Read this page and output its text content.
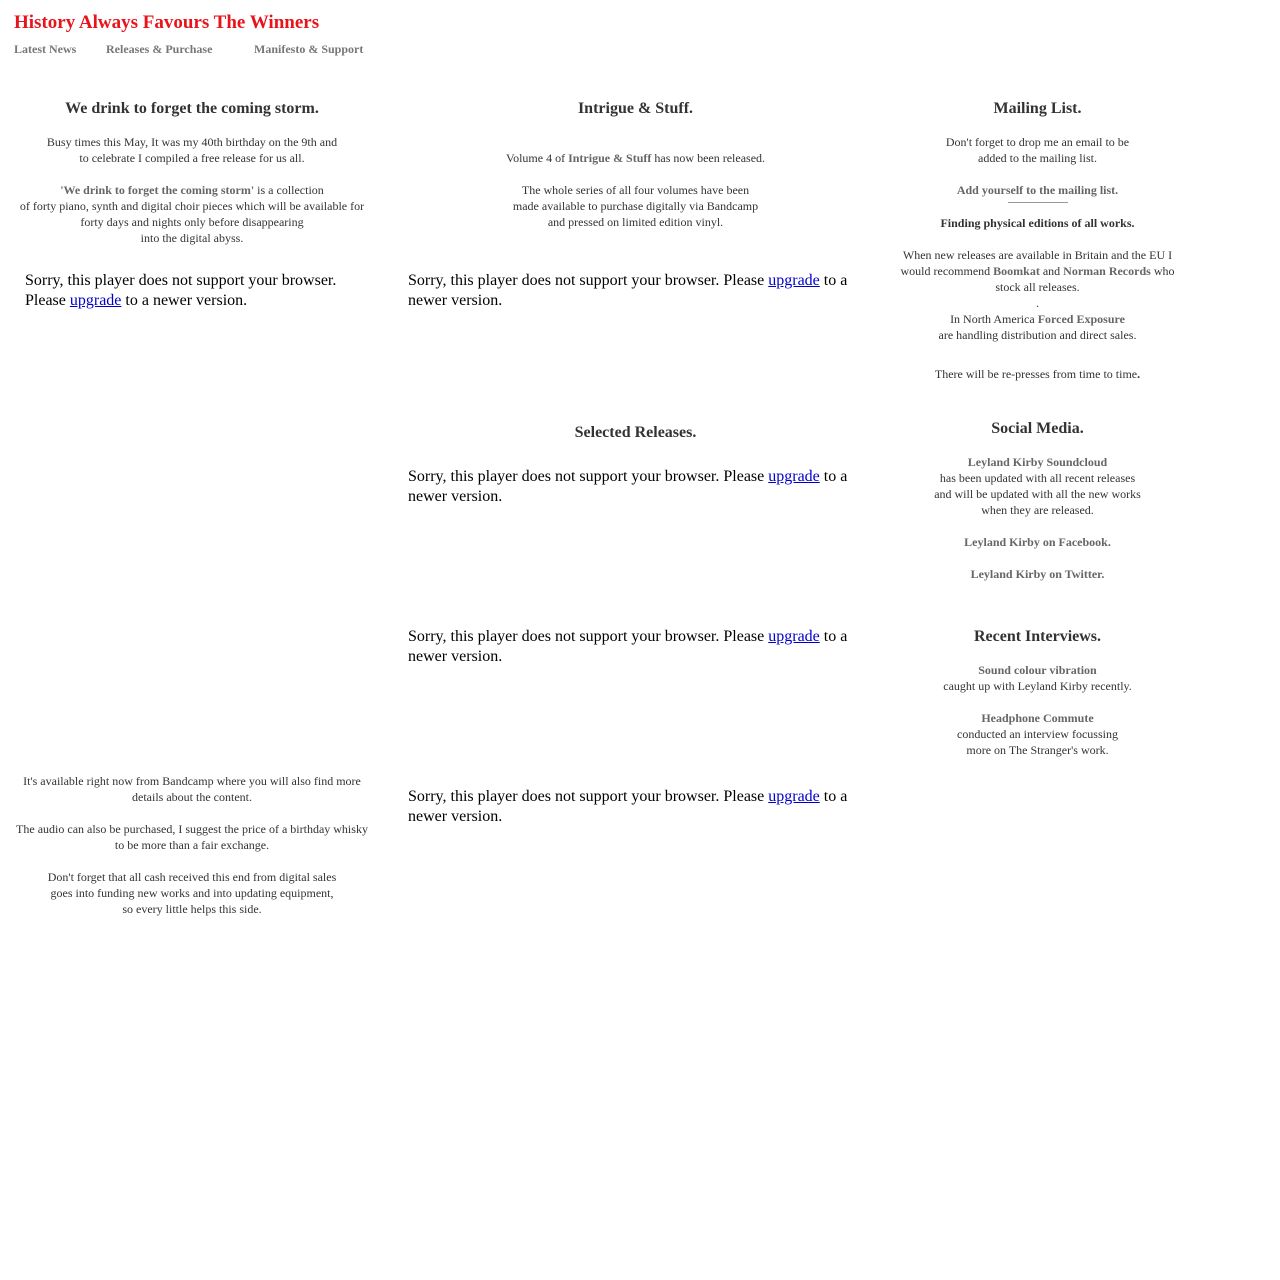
History Always Favours The Winners
Latest News Releases & Purchase	Manifesto & Support
We drink to forget the coming storm.

Busy times this May, It was my 40th birthday on the 9th and

to celebrate I compiled a free release for us all.

'We drink to forget the coming storm' is a collection

of forty piano, synth and digital choir pieces which will be available for

forty days and nights only before disappearing

into the digital abyss.

Sorry, this player does not support your browser. Please upgrade to a newer version.

It's available right now from Bandcamp where you will also find more

details about the content.

The audio can also be purchased, I suggest the price of a birthday whisky

to be more than a fair exchange.

Don't forget that all cash received this end from digital sales

goes into funding new works and into updating equipment,

so every little helps this side.

Intrigue & Stuff.

Volume 4 of Intrigue & Stuff has now been released.

The whole series of all four volumes have been

made available to purchase digitally via Bandcamp

and pressed on limited edition vinyl.

Sorry, this player does not support your browser. Please upgrade to a newer version.
Selected Releases.
Sorry, this player does not support your browser. Please upgrade to a newer version.
Sorry, this player does not support your browser. Please upgrade to a newer version.
Sorry, this player does not support your browser. Please upgrade to a newer version.
Mailing List.

Don't forget to drop me an email to be

added to the mailing list.

Add yourself to the mailing list.

Finding physical editions of all works.

When new releases are available in Britain and the EU I

would recommend Boomkat and Norman Records who

stock all releases.

.

In North America Forced Exposure

are handling distribution and direct sales.

There will be re-presses from time to time.

Social Media.

Leyland Kirby Soundcloud

has been updated with all recent releases

and will be updated with all the new works

when they are released.

Leyland Kirby on Facebook.

Leyland Kirby on Twitter.

Recent Interviews.

Sound colour vibration

caught up with Leyland Kirby recently.

Headphone Commute

conducted an interview focussing

more on The Stranger's work.
